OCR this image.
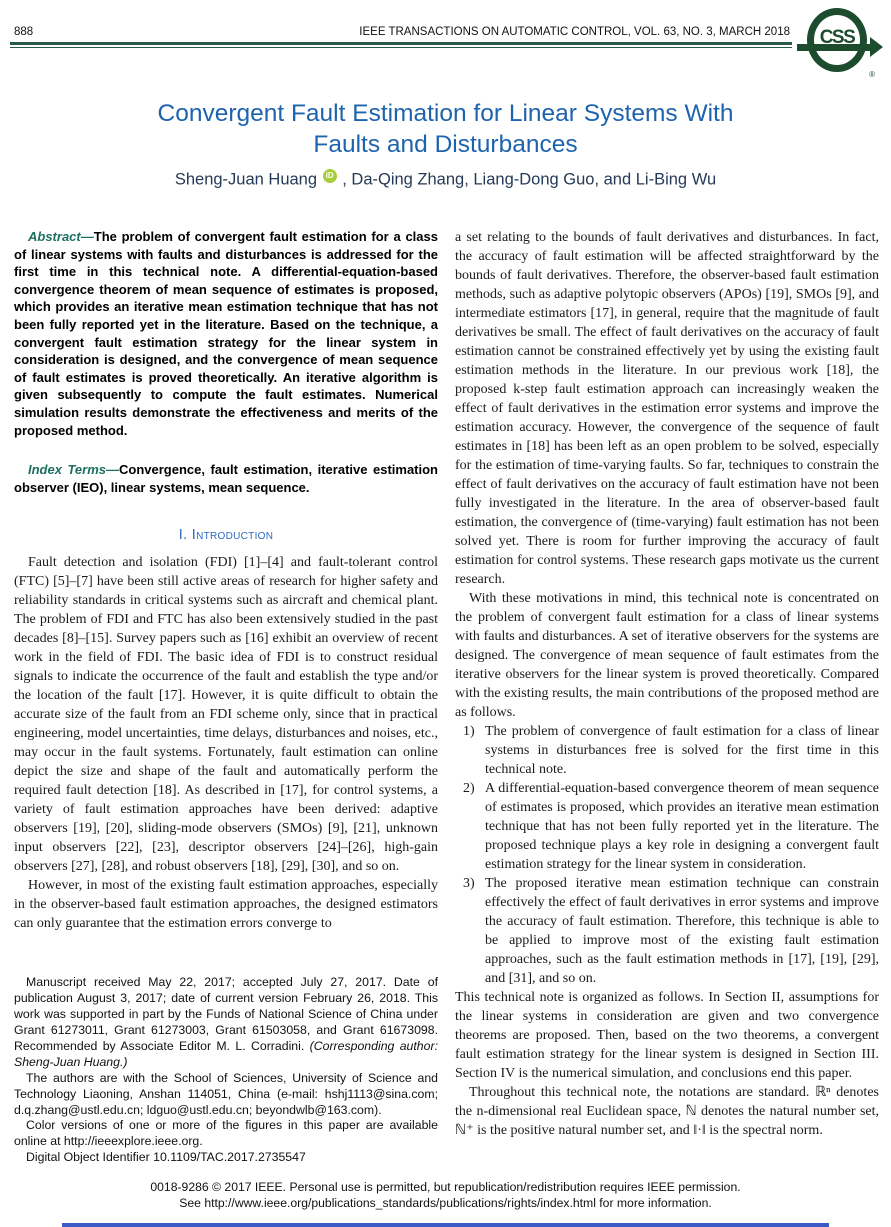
888	IEEE TRANSACTIONS ON AUTOMATIC CONTROL, VOL. 63, NO. 3, MARCH 2018 CSS
®
Convergent Fault Estimation for Linear Systems With
Faults and Disturbances
Sheng-Juan Huang iD , Da-Qing Zhang, Liang-Dong Guo, and Li-Bing Wu

Abstract—The problem of convergent fault estimation for a class of linear systems with faults and disturbances is addressed for the first time in this technical note. A differential-equation-based convergence theorem of mean sequence of estimates is proposed, which provides an iterative mean estimation technique that has not been fully reported yet in the literature. Based on the technique, a convergent fault estimation strategy for the linear system in consideration is designed, and the convergence of mean sequence of fault estimates is proved theoretically. An iterative algorithm is given subsequently to compute the fault estimates. Numerical simulation results demonstrate the effectiveness and merits of the proposed method.

Index Terms—Convergence, fault estimation, iterative estimation observer (IEO), linear systems, mean sequence.

I. Introduction

Fault detection and isolation (FDI) [1]–[4] and fault-tolerant control (FTC) [5]–[7] have been still active areas of research for higher safety and reliability standards in critical systems such as aircraft and chemical plant. The problem of FDI and FTC has also been extensively studied in the past decades [8]–[15]. Survey papers such as [16] exhibit an overview of recent work in the field of FDI. The basic idea of FDI is to construct residual signals to indicate the occurrence of the fault and establish the type and/or the location of the fault [17]. However, it is quite difficult to obtain the accurate size of the fault from an FDI scheme only, since that in practical engineering, model uncertainties, time delays, disturbances and noises, etc., may occur in the fault systems. Fortunately, fault estimation can online depict the size and shape of the fault and automatically perform the required fault detection [18]. As described in [17], for control systems, a variety of fault estimation approaches have been derived: adaptive observers [19], [20], sliding-mode observers (SMOs) [9], [21], unknown input observers [22], [23], descriptor observers [24]–[26], high-gain observers [27], [28], and robust observers [18], [29], [30], and so on.

However, in most of the existing fault estimation approaches, especially in the observer-based fault estimation approaches, the designed estimators can only guarantee that the estimation errors converge to

Manuscript received May 22, 2017; accepted July 27, 2017. Date of publication August 3, 2017; date of current version February 26, 2018. This work was supported in part by the Funds of National Science of China under Grant 61273011, Grant 61273003, Grant 61503058, and Grant 61673098. Recommended by Associate Editor M. L. Corradini. (Corresponding author: Sheng-Juan Huang.)

The authors are with the School of Sciences, University of Science and Technology Liaoning, Anshan 114051, China (e-mail: hshj1113@sina.com; d.q.zhang@ustl.edu.cn; ldguo@ustl.edu.cn; beyondwlb@163.com).

Color versions of one or more of the figures in this paper are available online at http://ieeexplore.ieee.org.

Digital Object Identifier 10.1109/TAC.2017.2735547

a set relating to the bounds of fault derivatives and disturbances. In fact, the accuracy of fault estimation will be affected straightforward by the bounds of fault derivatives. Therefore, the observer-based fault estimation methods, such as adaptive polytopic observers (APOs) [19], SMOs [9], and intermediate estimators [17], in general, require that the magnitude of fault derivatives be small. The effect of fault derivatives on the accuracy of fault estimation cannot be constrained effectively yet by using the existing fault estimation methods in the literature. In our previous work [18], the proposed k-step fault estimation approach can increasingly weaken the effect of fault derivatives in the estimation error systems and improve the estimation accuracy. However, the convergence of the sequence of fault estimates in [18] has been left as an open problem to be solved, especially for the estimation of time-varying faults. So far, techniques to constrain the effect of fault derivatives on the accuracy of fault estimation have not been fully investigated in the literature. In the area of observer-based fault estimation, the convergence of (time-varying) fault estimation has not been solved yet. There is room for further improving the accuracy of fault estimation for control systems. These research gaps motivate us the current research.

With these motivations in mind, this technical note is concentrated on the problem of convergent fault estimation for a class of linear systems with faults and disturbances. A set of iterative observers for the systems are designed. The convergence of mean sequence of fault estimates from the iterative observers for the linear system is proved theoretically. Compared with the existing results, the main contributions of the proposed method are as follows.

1) The problem of convergence of fault estimation for a class of linear systems in disturbances free is solved for the first time in this technical note.
2) A differential-equation-based convergence theorem of mean sequence of estimates is proposed, which provides an iterative mean estimation technique that has not been fully reported yet in the literature. The proposed technique plays a key role in designing a convergent fault estimation strategy for the linear system in consideration.
3) The proposed iterative mean estimation technique can constrain effectively the effect of fault derivatives in error systems and improve the accuracy of fault estimation. Therefore, this technique is able to be applied to improve most of the existing fault estimation approaches, such as the fault estimation methods in [17], [19], [29], and [31], and so on.

This technical note is organized as follows. In Section II, assumptions for the linear systems in consideration are given and two convergence theorems are proposed. Then, based on the two theorems, a convergent fault estimation strategy for the linear system is designed in Section III. Section IV is the numerical simulation, and conclusions end this paper.

Throughout this technical note, the notations are standard. ℝⁿ denotes the n-dimensional real Euclidean space, ℕ denotes the natural number set, ℕ⁺ is the positive natural number set, and ‖·‖ is the spectral norm.

0018-9286 © 2017 IEEE. Personal use is permitted, but republication/redistribution requires IEEE permission.
See http://www.ieee.org/publications_standards/publications/rights/index.html for more information.
